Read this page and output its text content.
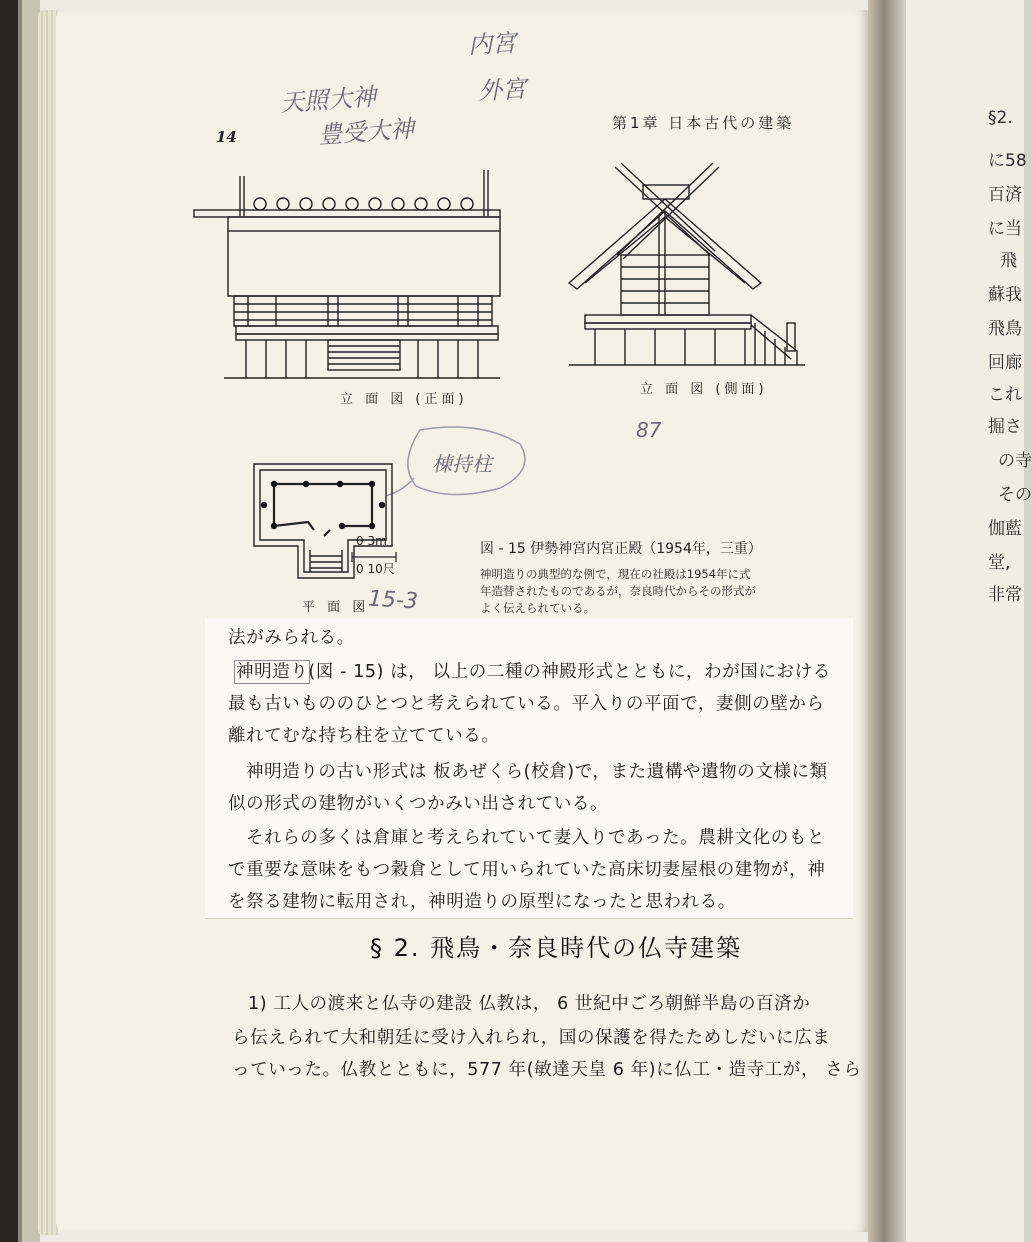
§2.
に58
百済
に当
飛
蘇我
飛鳥
回廊
これ
掘さ
の寺
その
伽藍
堂,
非常
14
第1章 日本古代の建築
天照大神
豊受大神
内宮
外宮
立 面 図 (正面)
立 面 図 (側面)
87
棟持柱
0 3m
0 10尺
平 面 図
15-3
図 - 15 伊勢神宮内宮正殿（1954年，三重）
神明造りの典型的な例で，現在の社殿は1954年に式
年造替されたものであるが，奈良時代からその形式が
よく伝えられている。
法がみられる。
神明造り(図 - 15) は， 以上の二種の神殿形式とともに，わが国における
最も古いもののひとつと考えられている。平入りの平面で，妻側の壁から
離れてむな持ち柱を立てている。
神明造りの古い形式は 板あぜくら(校倉)で，また遺構や遺物の文様に類
似の形式の建物がいくつかみい出されている。
それらの多くは倉庫と考えられていて妻入りであった。農耕文化のもと
で重要な意味をもつ穀倉として用いられていた高床切妻屋根の建物が，神
を祭る建物に転用され，神明造りの原型になったと思われる。
§ 2. 飛鳥・奈良時代の仏寺建築
1) 工人の渡来と仏寺の建設 仏教は， 6 世紀中ごろ朝鮮半島の百済か
ら伝えられて大和朝廷に受け入れられ，国の保護を得たためしだいに広ま
っていった。仏教とともに，577 年(敏達天皇 6 年)に仏工・造寺工が， さら
